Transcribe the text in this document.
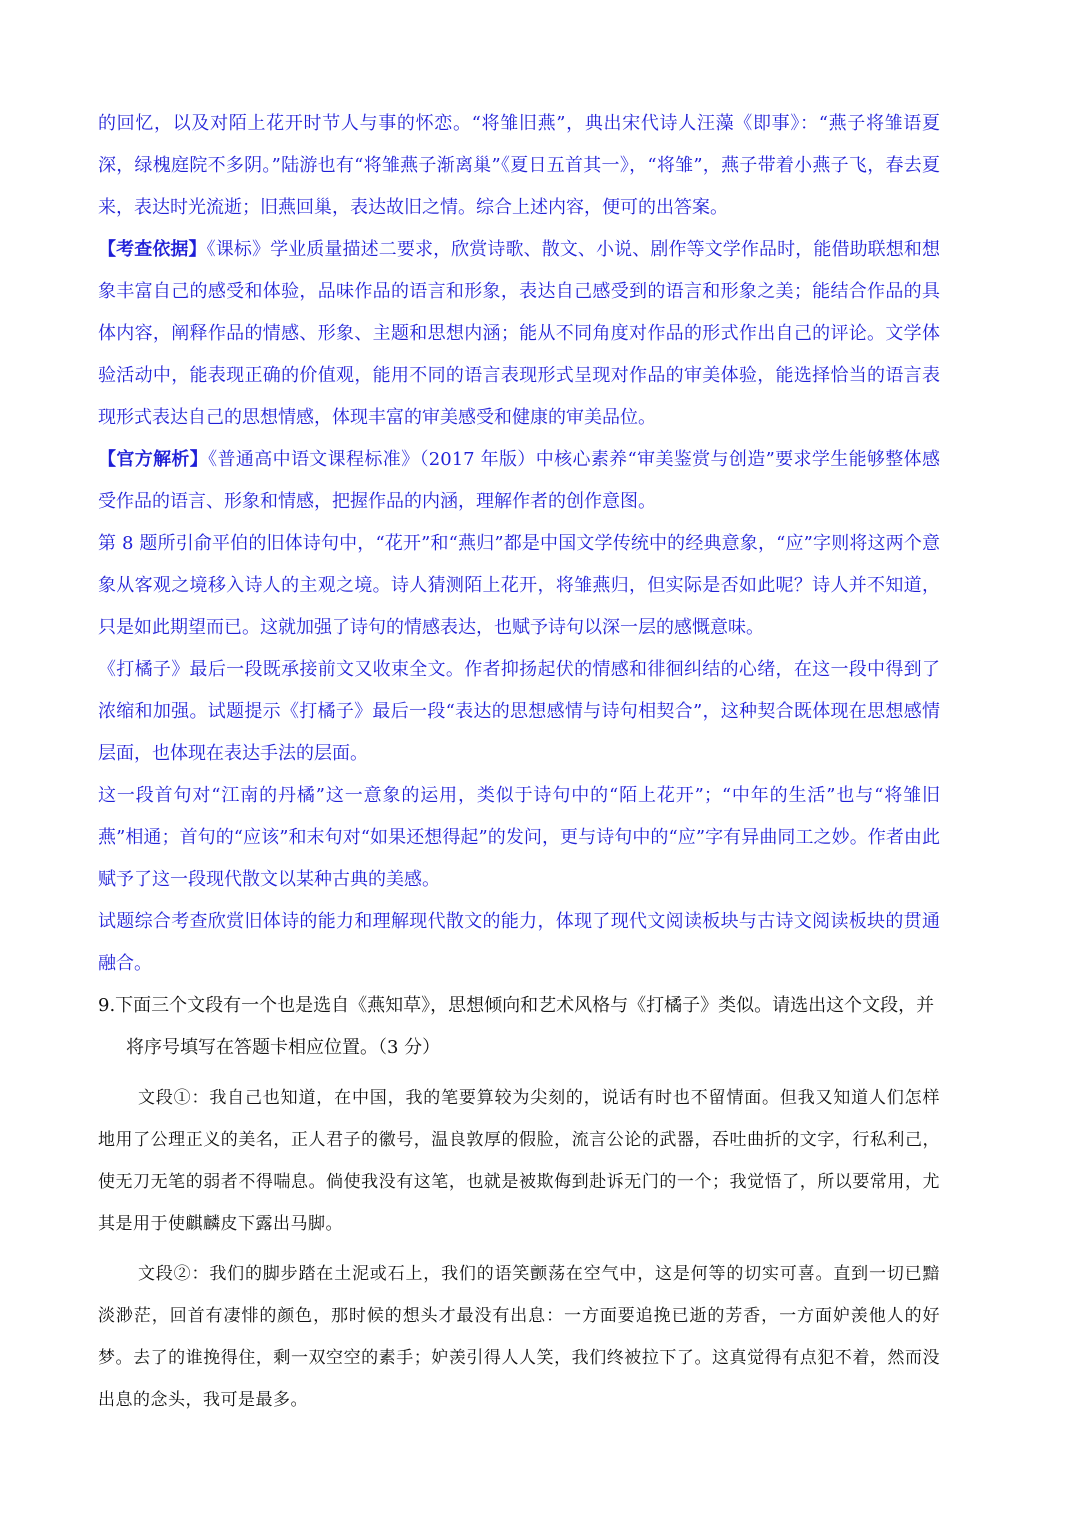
的回忆，以及对陌上花开时节人与事的怀恋。“将雏旧燕”，典出宋代诗人汪藻《即事》：“燕子将雏语夏深，绿槐庭院不多阴。”陆游也有“将雏燕子渐离巢”《夏日五首其一》，“将雏”，燕子带着小燕子飞，春去夏来，表达时光流逝；旧燕回巢，表达故旧之情。综合上述内容，便可的出答案。

【考查依据】《课标》学业质量描述二要求，欣赏诗歌、散文、小说、剧作等文学作品时，能借助联想和想象丰富自己的感受和体验，品味作品的语言和形象，表达自己感受到的语言和形象之美；能结合作品的具体内容，阐释作品的情感、形象、主题和思想内涵；能从不同角度对作品的形式作出自己的评论。文学体验活动中，能表现正确的价值观，能用不同的语言表现形式呈现对作品的审美体验，能选择恰当的语言表现形式表达自己的思想情感，体现丰富的审美感受和健康的审美品位。

【官方解析】《普通高中语文课程标准》（2017 年版）中核心素养“审美鉴赏与创造”要求学生能够整体感受作品的语言、形象和情感，把握作品的内涵，理解作者的创作意图。

第 8 题所引俞平伯的旧体诗句中，“花开”和“燕归”都是中国文学传统中的经典意象，“应”字则将这两个意象从客观之境移入诗人的主观之境。诗人猜测陌上花开，将雏燕归，但实际是否如此呢？诗人并不知道，只是如此期望而已。这就加强了诗句的情感表达，也赋予诗句以深一层的感慨意味。

《打橘子》最后一段既承接前文又收束全文。作者抑扬起伏的情感和徘徊纠结的心绪，在这一段中得到了浓缩和加强。试题提示《打橘子》最后一段“表达的思想感情与诗句相契合”，这种契合既体现在思想感情层面，也体现在表达手法的层面。

这一段首句对“江南的丹橘”这一意象的运用，类似于诗句中的“陌上花开”；“中年的生活”也与“将雏旧燕”相通；首句的“应该”和末句对“如果还想得起”的发问，更与诗句中的“应”字有异曲同工之妙。作者由此赋予了这一段现代散文以某种古典的美感。

试题综合考查欣赏旧体诗的能力和理解现代散文的能力，体现了现代文阅读板块与古诗文阅读板块的贯通融合。

9.下面三个文段有一个也是选自《燕知草》，思想倾向和艺术风格与《打橘子》类似。请选出这个文段，并将序号填写在答题卡相应位置。（3 分）

文段①：我自己也知道，在中国，我的笔要算较为尖刻的，说话有时也不留情面。但我又知道人们怎样地用了公理正义的美名，正人君子的徽号，温良敦厚的假脸，流言公论的武器，吞吐曲折的文字，行私利己，使无刀无笔的弱者不得喘息。倘使我没有这笔，也就是被欺侮到赴诉无门的一个；我觉悟了，所以要常用，尤其是用于使麒麟皮下露出马脚。

文段②：我们的脚步踏在土泥或石上，我们的语笑颤荡在空气中，这是何等的切实可喜。直到一切已黯淡渺茫，回首有凄悱的颜色，那时候的想头才最没有出息：一方面要追挽已逝的芳香，一方面妒羡他人的好梦。去了的谁挽得住，剩一双空空的素手；妒羡引得人人笑，我们终被拉下了。这真觉得有点犯不着，然而没出息的念头，我可是最多。
